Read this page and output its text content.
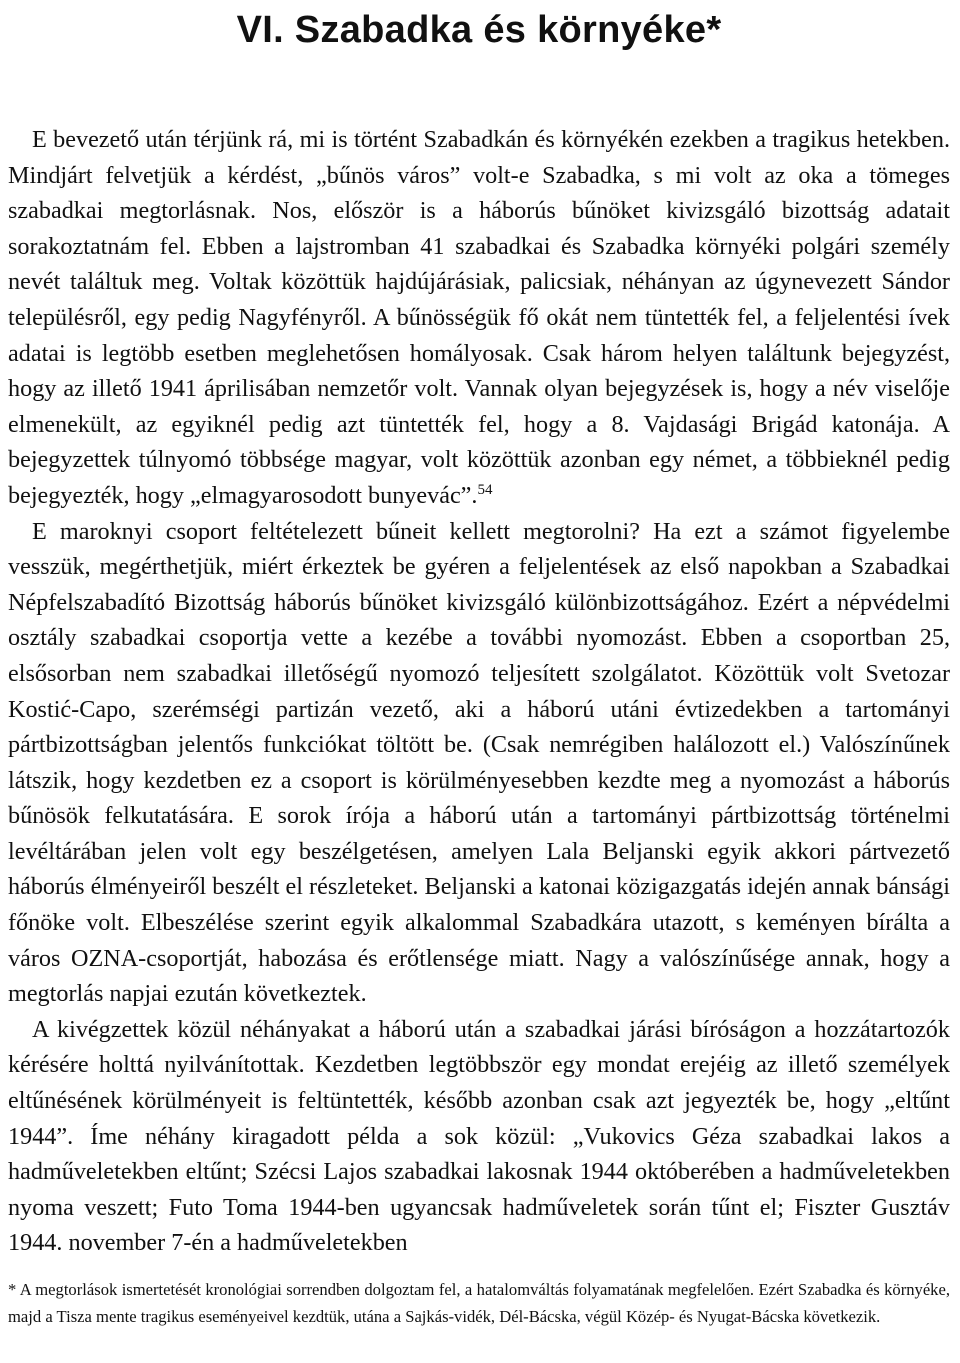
VI. Szabadka és környéke*

E bevezető után térjünk rá, mi is történt Szabadkán és környékén ezekben a tragikus hetekben. Mindjárt felvetjük a kérdést, „bűnös város” volt-e Szabadka, s mi volt az oka a tömeges szabadkai megtorlásnak. Nos, először is a háborús bűnöket kivizsgáló bizottság adatait sorakoztatnám fel. Ebben a lajstromban 41 szabadkai és Szabadka környéki polgári személy nevét találtuk meg. Voltak közöttük hajdújárásiak, palicsiak, néhányan az úgynevezett Sándor településről, egy pedig Nagyfényről. A bűnösségük fő okát nem tüntették fel, a feljelentési ívek adatai is legtöbb esetben meglehetősen homályosak. Csak három helyen találtunk bejegyzést, hogy az illető 1941 áprilisában nemzetőr volt. Vannak olyan bejegyzések is, hogy a név viselője elmenekült, az egyiknél pedig azt tüntették fel, hogy a 8. Vajdasági Brigád katonája. A bejegyzettek túlnyomó többsége magyar, volt közöttük azonban egy német, a többieknél pedig bejegyezték, hogy „elmagyarosodott bunyevác”.$^{54}$

E maroknyi csoport feltételezett bűneit kellett megtorolni? Ha ezt a számot figyelembe vesszük, megérthetjük, miért érkeztek be gyéren a feljelentések az első napokban a Szabadkai Népfelszabadító Bizottság háborús bűnöket kivizsgáló különbizottságához. Ezért a népvédelmi osztály szabadkai csoportja vette a kezébe a további nyomozást. Ebben a csoportban 25, elsősorban nem szabadkai illetőségű nyomozó teljesített szolgálatot. Közöttük volt Svetozar Kostić-Capo, szerémségi partizán vezető, aki a háború utáni évtizedekben a tartományi pártbizottságban jelentős funkciókat töltött be. (Csak nemrégiben halálozott el.) Valószínűnek látszik, hogy kezdetben ez a csoport is körülményesebben kezdte meg a nyomozást a háborús bűnösök felkutatására. E sorok írója a háború után a tartományi pártbizottság történelmi levéltárában jelen volt egy beszélgetésen, amelyen Lala Beljanski egyik akkori pártvezető háborús élményeiről beszélt el részleteket. Beljanski a katonai közigazgatás idején annak bánsági főnöke volt. Elbeszélése szerint egyik alkalommal Szabadkára utazott, s keményen bírálta a város OZNA-csoportját, habozása és erőtlensége miatt. Nagy a valószínűsége annak, hogy a megtorlás napjai ezután következtek.

A kivégzettek közül néhányakat a háború után a szabadkai járási bíróságon a hozzátartozók kérésére holttá nyilvánítottak. Kezdetben legtöbbször egy mondat erejéig az illető személyek eltűnésének körülményeit is feltüntették, később azonban csak azt jegyezték be, hogy „eltűnt 1944”. Íme néhány kiragadott példa a sok közül: „Vukovics Géza szabadkai lakos a hadműveletekben eltűnt; Szécsi Lajos szabadkai lakosnak 1944 októberében a hadműveletekben nyoma veszett; Futo Toma 1944-ben ugyancsak hadműveletek során tűnt el; Fiszter Gusztáv 1944. november 7-én a hadműveletekben

* A megtorlások ismertetését kronológiai sorrendben dolgoztam fel, a hatalomváltás folyamatának megfelelően. Ezért Szabadka és környéke, majd a Tisza mente tragikus eseményeivel kezdtük, utána a Sajkás-vidék, Dél-Bácska, végül Közép- és Nyugat-Bácska következik.
